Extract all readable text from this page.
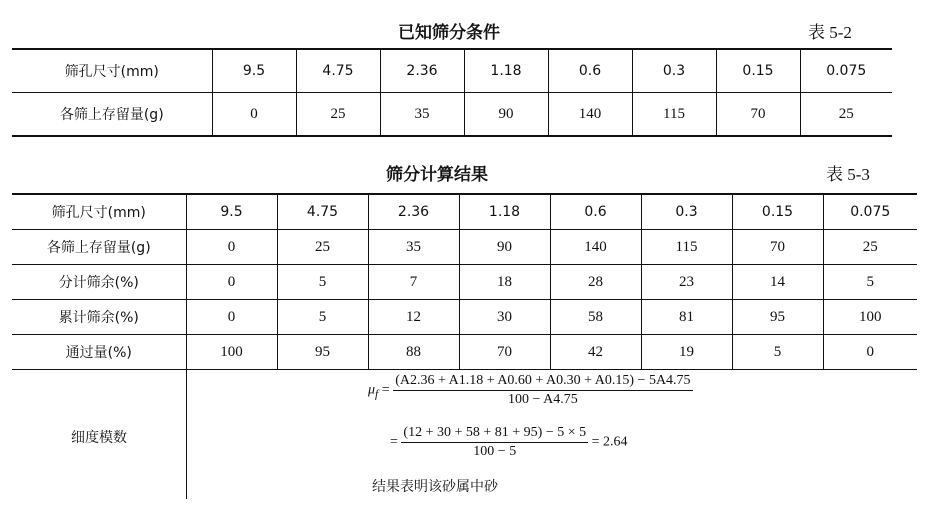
已知筛分条件	表 5-2
筛孔尺寸(mm)	9.5	4.75	2.36	1.18	0.6	0.3	0.15	0.075
各筛上存留量(g)	0	25	35	90	140	115	70	25
筛分计算结果	表 5-3
筛孔尺寸(mm)	9.5	4.75	2.36	1.18	0.6	0.3	0.15	0.075
各筛上存留量(g)	0	25	35	90	140	115	70	25
分计筛余(%)	0	5	7	18	28	23	14	5
累计筛余(%)	0	5	12	30	58	81	95	100
通过量(%)	100	95	88	70	42	19	5	0
细度模数
$\mu_f = \frac{(A2.36 + A1.18 + A0.60 + A0.30 + A0.15) - 5A4.75}{100 - A4.75}$
= $\frac{(12 + 30 + 58 + 81 + 95) - 5 \times 5}{100 - 5} = 2.64$
结果表明该砂属中砂
